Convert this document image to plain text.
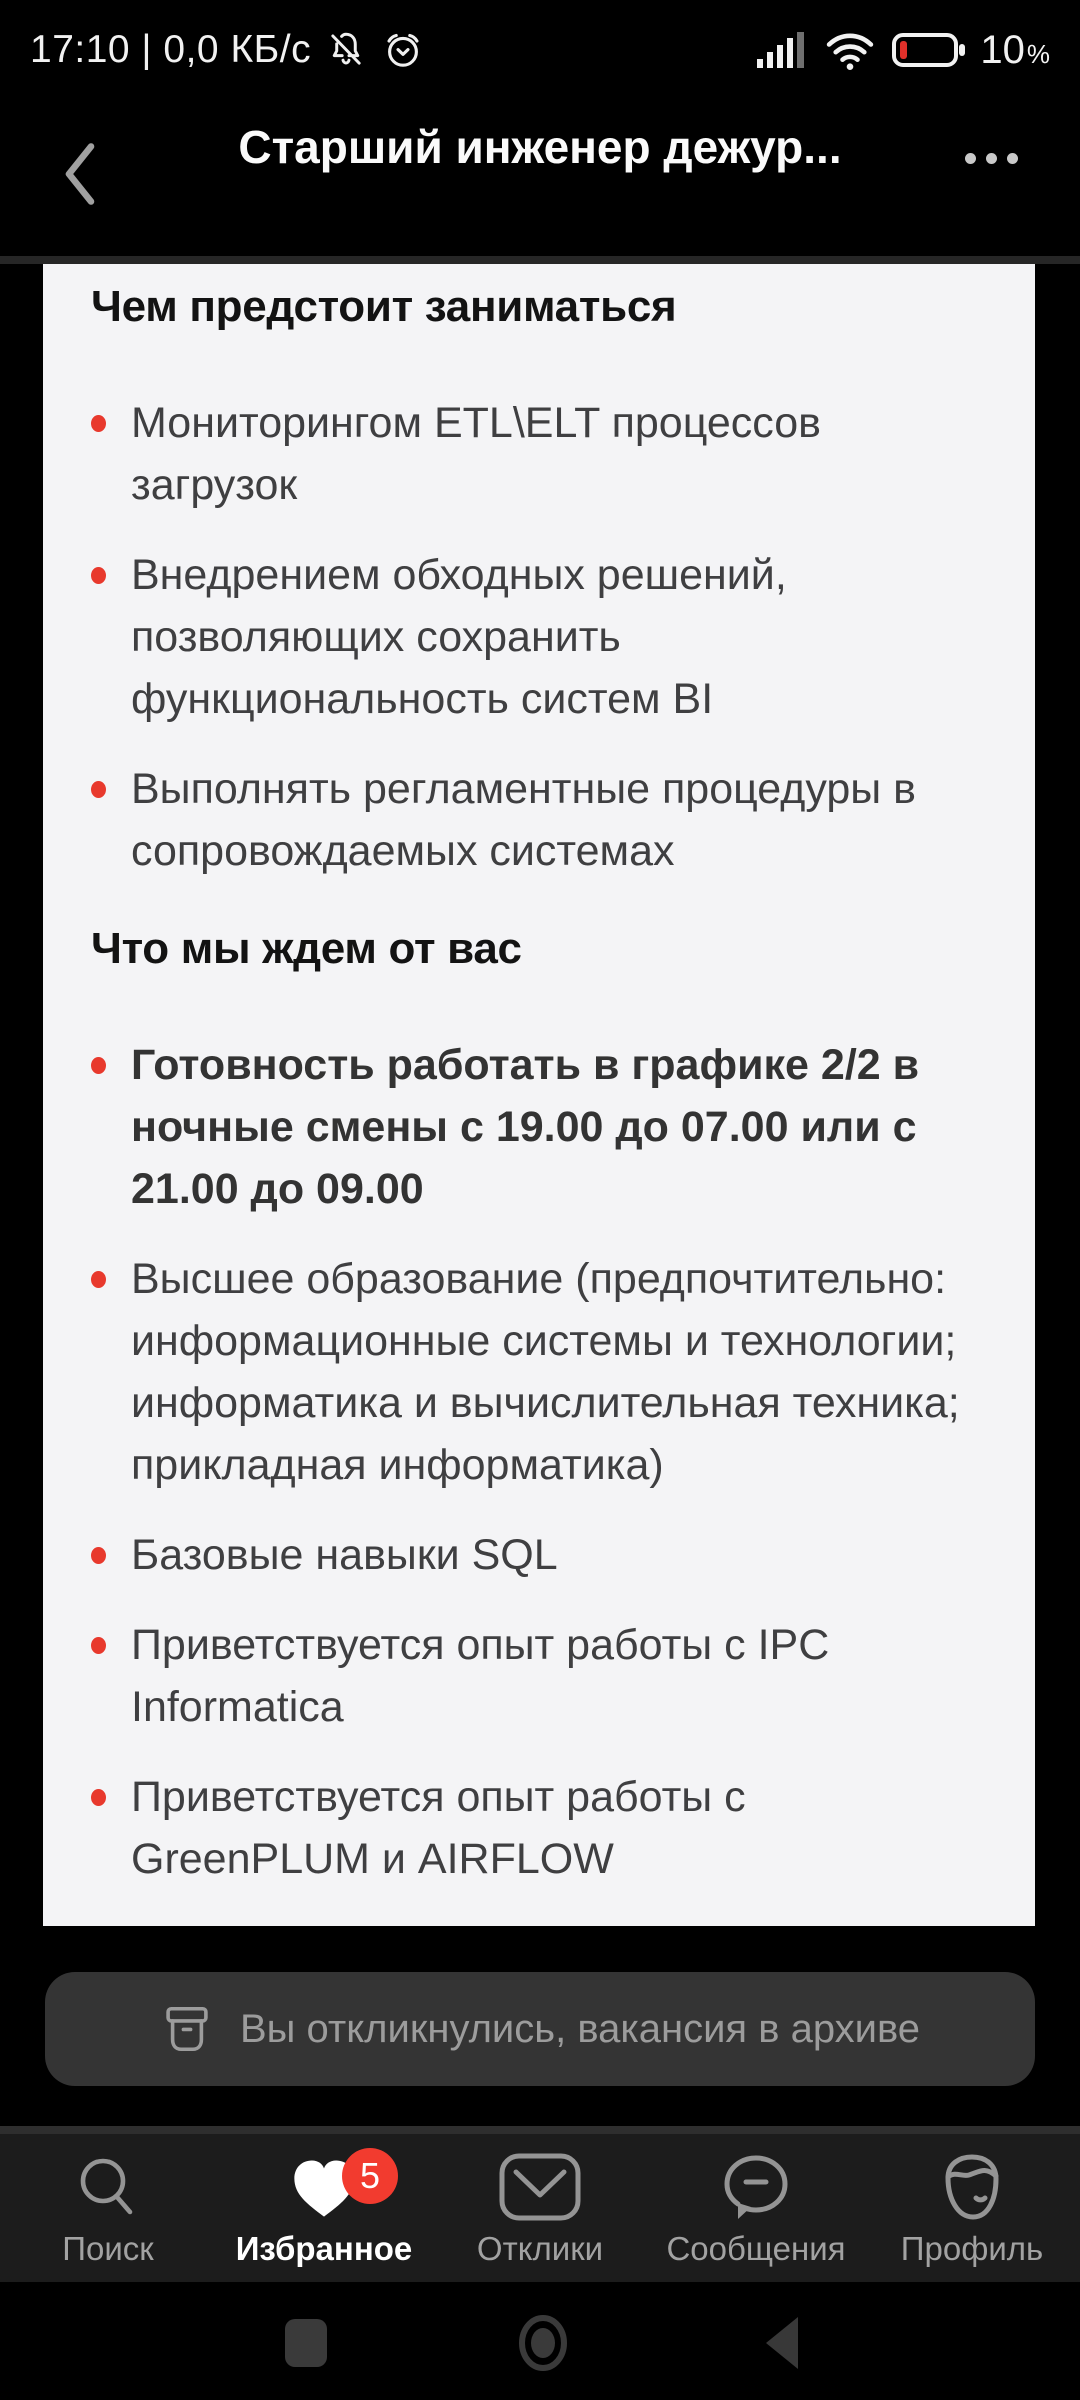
17:10 | 0,0 КБ/с	10 %
Старший инженер дежур...
Чем предстоит заниматься
Мониторингом ETL\ELT процессов загрузок
Внедрением обходных решений, позволяющих сохранить функциональность систем BI
Выполнять регламентные процедуры в сопровождаемых системах
Что мы ждем от вас
Готовность работать в графике 2/2 в ночные смены с 19.00 до 07.00 или с 21.00 до 09.00
Высшее образование (предпочтительно: информационные системы и технологии; информатика и вычислительная техника; прикладная информатика)
Базовые навыки SQL
Приветствуется опыт работы с IPC Informatica
Приветствуется опыт работы с GreenPLUM и AIRFLOW
Вы откликнулись, вакансия в архиве
Поиск
5
Избранное Отклики Сообщения Профиль
